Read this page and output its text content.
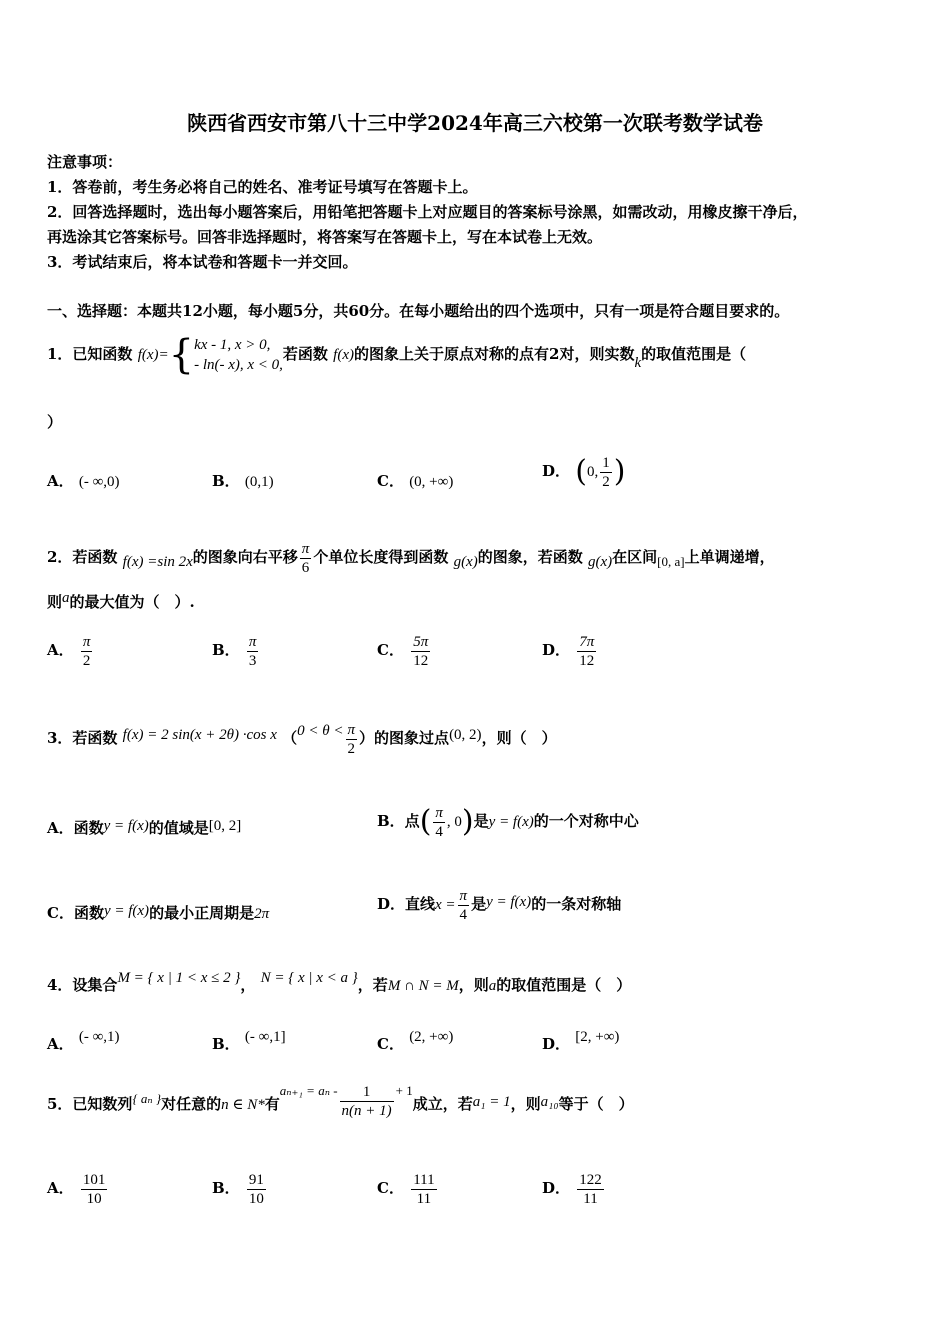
陕西省西安市第八十三中学2024年高三六校第一次联考数学试卷
注意事项：
1．答卷前，考生务必将自己的姓名、准考证号填写在答题卡上。
2．回答选择题时，选出每小题答案后，用铅笔把答题卡上对应题目的答案标号涂黑，如需改动，用橡皮擦干净后，
再选涂其它答案标号。回答非选择题时，将答案写在答题卡上，写在本试卷上无效。
3．考试结束后，将本试卷和答题卡一并交回。
一、选择题：本题共12小题，每小题5分，共60分。在每小题给出的四个选项中，只有一项是符合题目要求的。
1．已知函数 f(x)={ kx - 1, x > 0,
- ln(- x), x < 0,
若函数 f(x)的图象上关于原点对称的点有2对，则实数k的取值范围是（
）
A． (- ∞,0)	B． (0,1)	C． (0, +∞)
D． (0, $\frac{1}{2}$ )
2．若函数 f(x) =sin 2x的图象向右平移 $\frac{\pi}{6}$ 个单位长度得到函数 g(x)的图象，若函数 g(x)在区间[0, a]上单调递增，
则a的最大值为（　）.
A． $\frac{\pi}{2}$	B． $\frac{\pi}{3}$	C． $\frac{5\pi}{12}$	D． $\frac{7\pi}{12}$
3．若函数 f(x) = 2 sin(x + 2θ) ·cos x （$0 < \theta < \frac{\pi}{2}$ ）的图象过点(0, 2)，则（　）
A．函数y = f(x)的值域是[0, 2]	B．点( $\frac{\pi}{4}$ , 0)是y = f(x)的一个对称中心
C．函数y = f(x)的最小正周期是2π
D．直线$x = \frac{\pi}{4}$ 是y = f(x)的一条对称轴
4．设集合M = { x | 1 < x ≤ 2 }， N = { x | x < a }，若M ∩ N = M，则a的取值范围是（　）
A． (- ∞,1)	B． (- ∞,1]	C． (2, +∞)	D． [2, +∞)
5．已知数列{ aₙ }对任意的n ∈ N*有$a_{n+1} = a_n - \frac{1}{n(n + 1)} + 1$成立，若a₁ = 1，则a₁₀等于（　）
A． $\frac{101}{10}$	B． $\frac{91}{10}$	C． $\frac{111}{11}$	D． $\frac{122}{11}$
